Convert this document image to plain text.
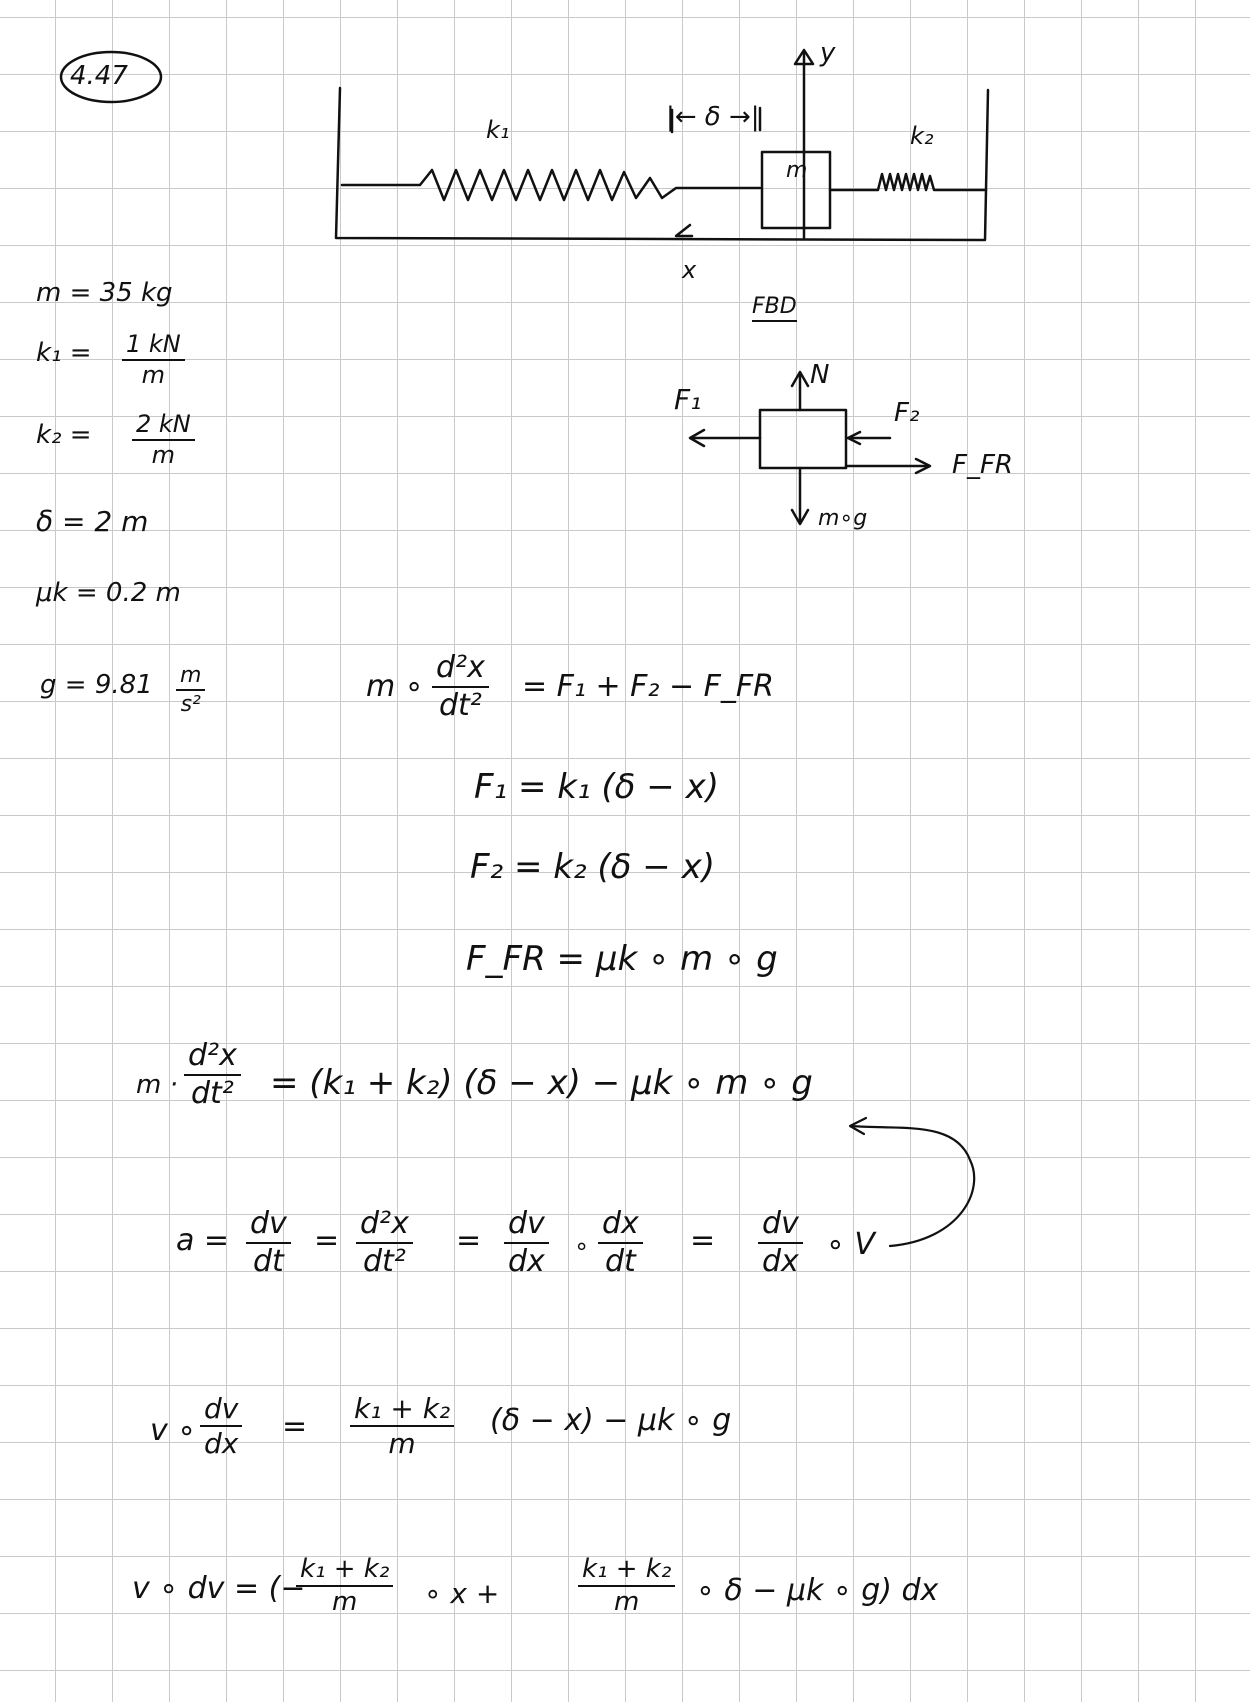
4.47
k₁	|← δ →|
m
k₂
y
x
FBD
F₁
N
F₂
F_FR
m∘g
m = 35 kg
$k_1 = \frac{1 kN}{m}$
$k_2 = \frac{2 kN}{m}$
δ = 2 m
μk = 0.2 m
$g = 9.81 \frac{m}{\text{s²}}$	m ∘ $\frac{\text{d²x}}{\text{dt²}} = F_1 + F_2$ − F_FR
F₁ = k₁ (δ − x)
F₂ = k₂ (δ − x)
F_FR = μk ∘ m ∘ g
$m \cdot \frac{\text{d²x}}{\text{dt²}} = (k_1 + k_2) (\delta - x) - \mu k$ ∘ m ∘ g
$a = \frac{dv}{dt} = \frac{\text{d²x}}{\text{dt²}} = \frac{dv}{dx}$ ∘ $\frac{dx}{dt} = \frac{dv}{dx}$ ∘ V
v ∘ $\frac{dv}{dx} = \frac{\text{k₁ + k₂}}{m} (\delta - x) - \mu k$ ∘ g
v ∘ dv = (−
$\frac{\text{k₁ + k₂}}{m}$ ∘ x +	$\frac{\text{k₁ + k₂}}{m}$ ∘ δ − μk ∘ g) dx
